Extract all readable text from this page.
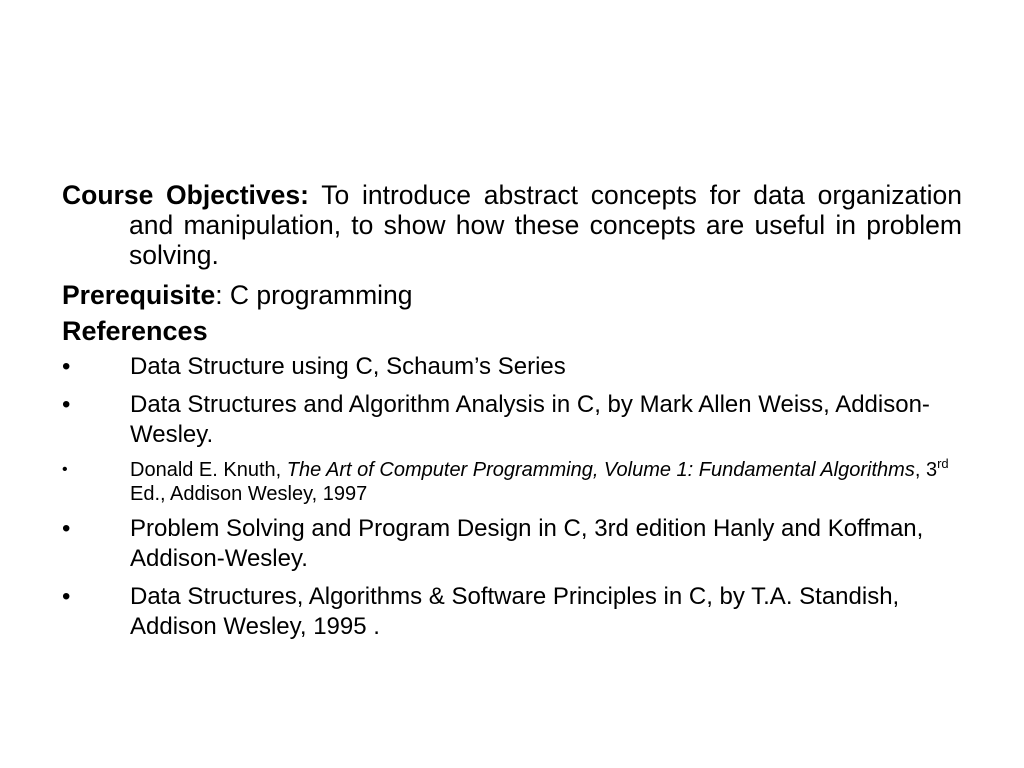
Course Objectives: To introduce abstract concepts for data organization and manipulation, to show how these concepts are useful in problem solving.
Prerequisite: C programming
References
•	Data Structure using C, Schaum’s Series
•	Data Structures and Algorithm Analysis in C, by Mark Allen Weiss, Addison-Wesley.
•	Donald E. Knuth, The Art of Computer Programming, Volume 1: Fundamental Algorithms, 3rd Ed., Addison Wesley, 1997
•	Problem Solving and Program Design in C, 3rd edition Hanly and Koffman, Addison-Wesley.
•	Data Structures, Algorithms & Software Principles in C, by T.A. Standish, Addison Wesley, 1995 .
